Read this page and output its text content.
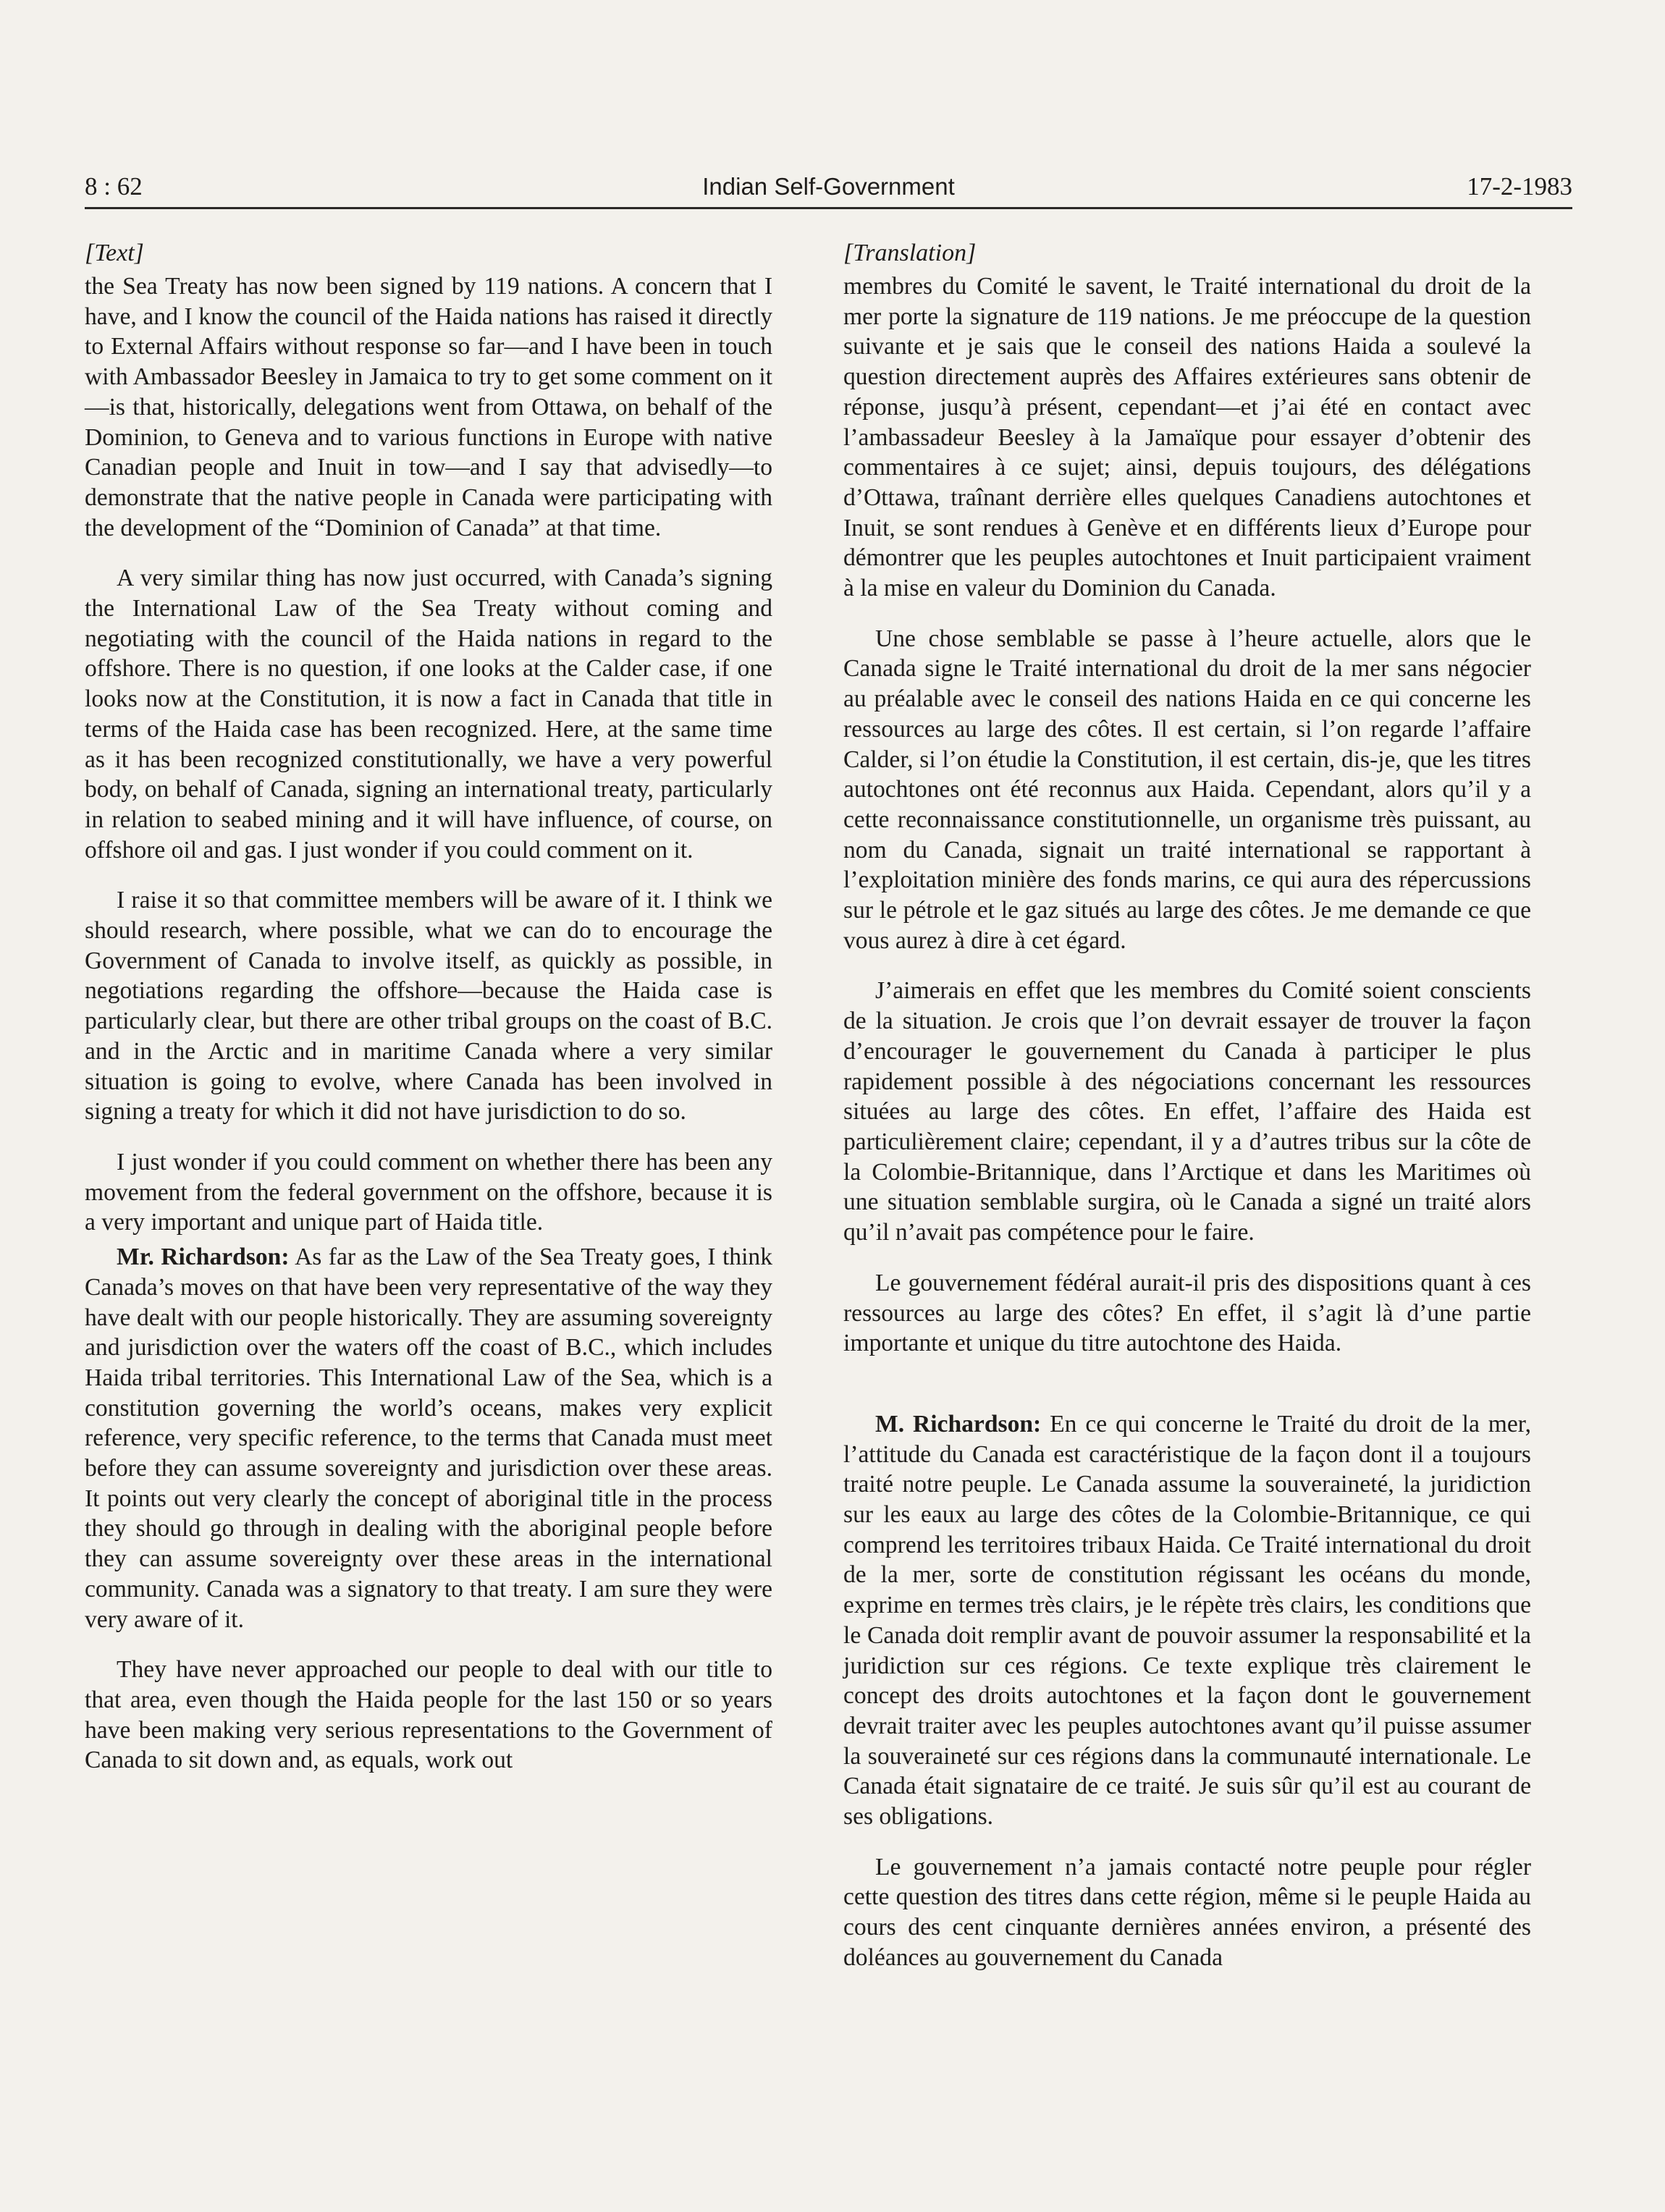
8 : 62	Indian Self-Government	17-2-1983
[Text]

the Sea Treaty has now been signed by 119 nations. A concern that I have, and I know the council of the Haida nations has raised it directly to External Affairs without response so far—and I have been in touch with Ambassador Beesley in Jamaica to try to get some comment on it—is that, historically, delegations went from Ottawa, on behalf of the Dominion, to Geneva and to various functions in Europe with native Canadian people and Inuit in tow—and I say that advisedly—to demonstrate that the native people in Canada were participating with the development of the “Dominion of Canada” at that time.

A very similar thing has now just occurred, with Canada’s signing the International Law of the Sea Treaty without coming and negotiating with the council of the Haida nations in regard to the offshore. There is no question, if one looks at the Calder case, if one looks now at the Constitution, it is now a fact in Canada that title in terms of the Haida case has been recognized. Here, at the same time as it has been recognized constitutionally, we have a very powerful body, on behalf of Canada, signing an international treaty, particularly in relation to seabed mining and it will have influence, of course, on offshore oil and gas. I just wonder if you could comment on it.

I raise it so that committee members will be aware of it. I think we should research, where possible, what we can do to encourage the Government of Canada to involve itself, as quickly as possible, in negotiations regarding the offshore—because the Haida case is particularly clear, but there are other tribal groups on the coast of B.C. and in the Arctic and in maritime Canada where a very similar situation is going to evolve, where Canada has been involved in signing a treaty for which it did not have jurisdiction to do so.

I just wonder if you could comment on whether there has been any movement from the federal government on the offshore, because it is a very important and unique part of Haida title.

Mr. Richardson: As far as the Law of the Sea Treaty goes, I think Canada’s moves on that have been very representative of the way they have dealt with our people historically. They are assuming sovereignty and jurisdiction over the waters off the coast of B.C., which includes Haida tribal territories. This International Law of the Sea, which is a constitution governing the world’s oceans, makes very explicit reference, very specific reference, to the terms that Canada must meet before they can assume sovereignty and jurisdiction over these areas. It points out very clearly the concept of aboriginal title in the process they should go through in dealing with the aboriginal people before they can assume sovereignty over these areas in the international community. Canada was a signatory to that treaty. I am sure they were very aware of it.

They have never approached our people to deal with our title to that area, even though the Haida people for the last 150 or so years have been making very serious representations to the Government of Canada to sit down and, as equals, work out

[Translation]

membres du Comité le savent, le Traité international du droit de la mer porte la signature de 119 nations. Je me préoccupe de la question suivante et je sais que le conseil des nations Haida a soulevé la question directement auprès des Affaires extérieures sans obtenir de réponse, jusqu’à présent, cependant—et j’ai été en contact avec l’ambassadeur Beesley à la Jamaïque pour essayer d’obtenir des commentaires à ce sujet; ainsi, depuis toujours, des délégations d’Ottawa, traînant derrière elles quelques Canadiens autochtones et Inuit, se sont rendues à Genève et en différents lieux d’Europe pour démontrer que les peuples autochtones et Inuit participaient vraiment à la mise en valeur du Dominion du Canada.

Une chose semblable se passe à l’heure actuelle, alors que le Canada signe le Traité international du droit de la mer sans négocier au préalable avec le conseil des nations Haida en ce qui concerne les ressources au large des côtes. Il est certain, si l’on regarde l’affaire Calder, si l’on étudie la Constitution, il est certain, dis-je, que les titres autochtones ont été reconnus aux Haida. Cependant, alors qu’il y a cette reconnaissance constitutionnelle, un organisme très puissant, au nom du Canada, signait un traité international se rapportant à l’exploitation minière des fonds marins, ce qui aura des répercussions sur le pétrole et le gaz situés au large des côtes. Je me demande ce que vous aurez à dire à cet égard.

J’aimerais en effet que les membres du Comité soient conscients de la situation. Je crois que l’on devrait essayer de trouver la façon d’encourager le gouvernement du Canada à participer le plus rapidement possible à des négociations concernant les ressources situées au large des côtes. En effet, l’affaire des Haida est particulièrement claire; cependant, il y a d’autres tribus sur la côte de la Colombie-Britannique, dans l’Arctique et dans les Maritimes où une situation semblable surgira, où le Canada a signé un traité alors qu’il n’avait pas compétence pour le faire.

Le gouvernement fédéral aurait-il pris des dispositions quant à ces ressources au large des côtes? En effet, il s’agit là d’une partie importante et unique du titre autochtone des Haida.

M. Richardson: En ce qui concerne le Traité du droit de la mer, l’attitude du Canada est caractéristique de la façon dont il a toujours traité notre peuple. Le Canada assume la souveraineté, la juridiction sur les eaux au large des côtes de la Colombie-Britannique, ce qui comprend les territoires tribaux Haida. Ce Traité international du droit de la mer, sorte de constitution régissant les océans du monde, exprime en termes très clairs, je le répète très clairs, les conditions que le Canada doit remplir avant de pouvoir assumer la responsabilité et la juridiction sur ces régions. Ce texte explique très clairement le concept des droits autochtones et la façon dont le gouvernement devrait traiter avec les peuples autochtones avant qu’il puisse assumer la souveraineté sur ces régions dans la communauté internationale. Le Canada était signataire de ce traité. Je suis sûr qu’il est au courant de ses obligations.

Le gouvernement n’a jamais contacté notre peuple pour régler cette question des titres dans cette région, même si le peuple Haida au cours des cent cinquante dernières années environ, a présenté des doléances au gouvernement du Canada
